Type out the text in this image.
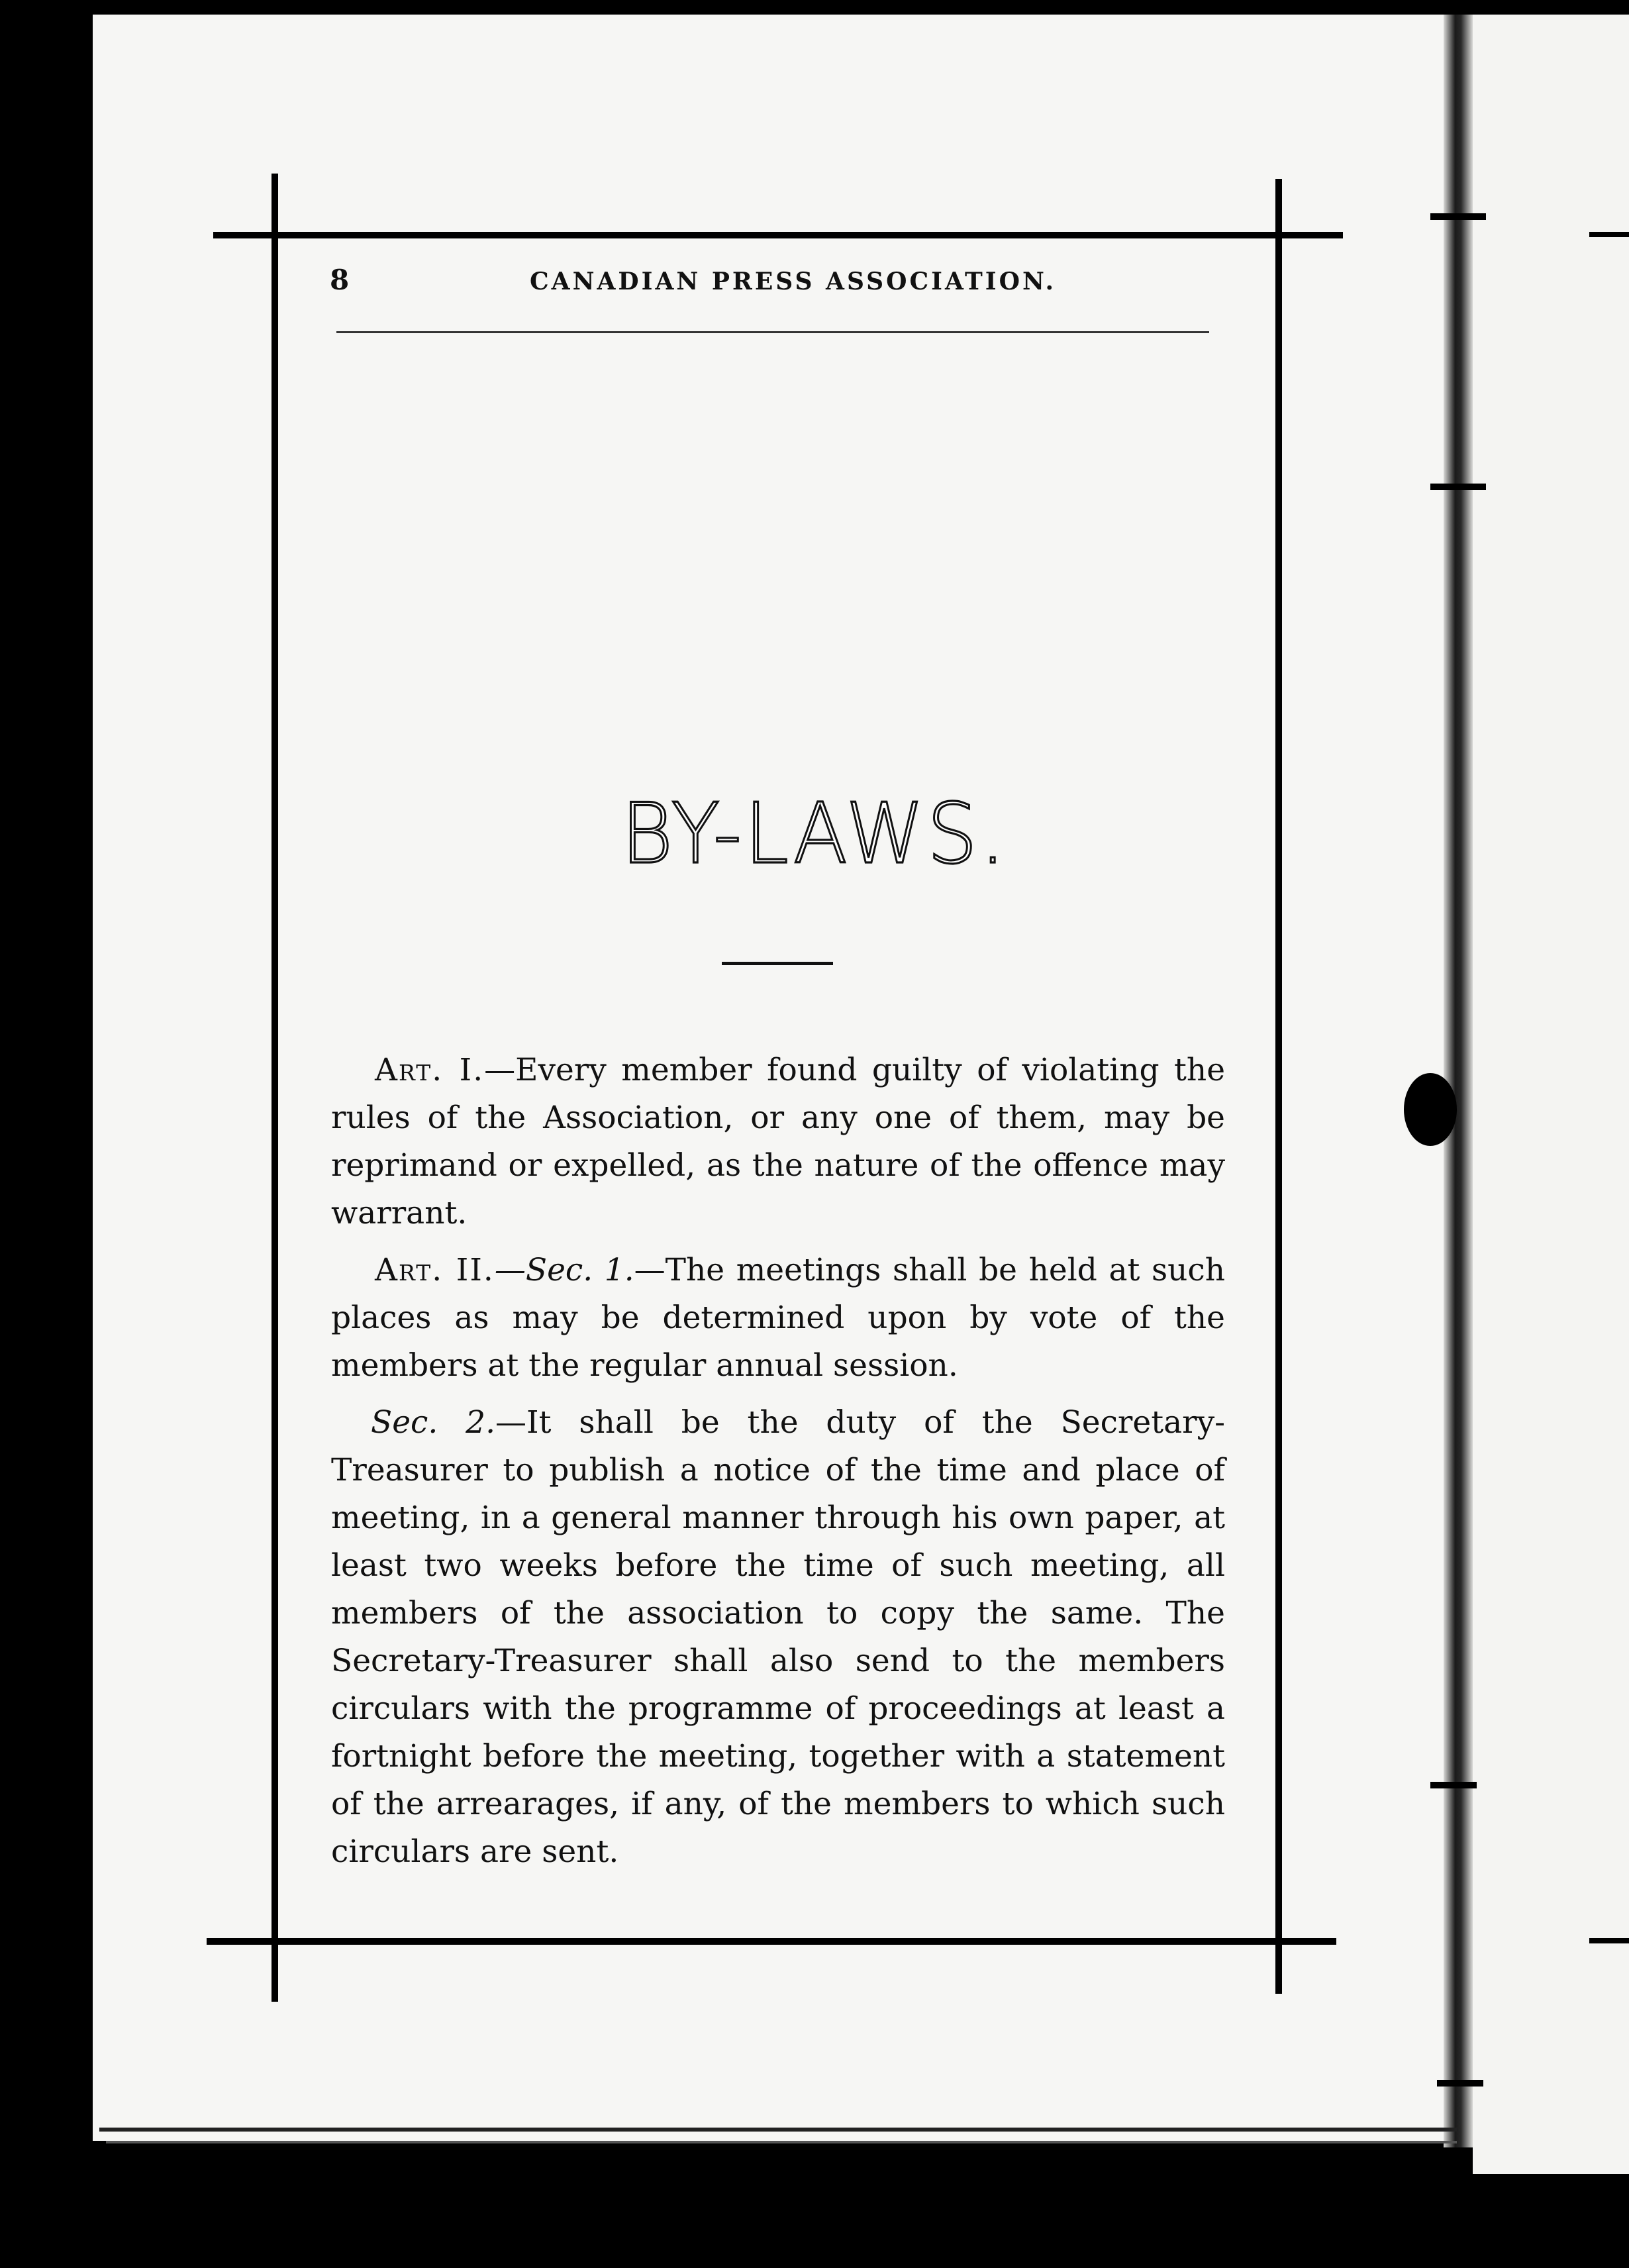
8	CANADIAN PRESS ASSOCIATION.
BY-LAWS.

Art. I.—Every member found guilty of violating the rules of the Association, or any one of them, may be reprimand or expelled, as the nature of the offence may warrant.

Art. II.—Sec. 1.—The meetings shall be held at such places as may be determined upon by vote of the members at the regular annual session.

Sec. 2.—It shall be the duty of the Secretary-Treasurer to publish a notice of the time and place of meeting, in a general manner through his own paper, at least two weeks before the time of such meeting, all members of the association to copy the same. The Secretary-Treasurer shall also send to the members circulars with the programme of proceedings at least a fortnight before the meeting, together with a statement of the arrearages, if any, of the members to which such circulars are sent.
